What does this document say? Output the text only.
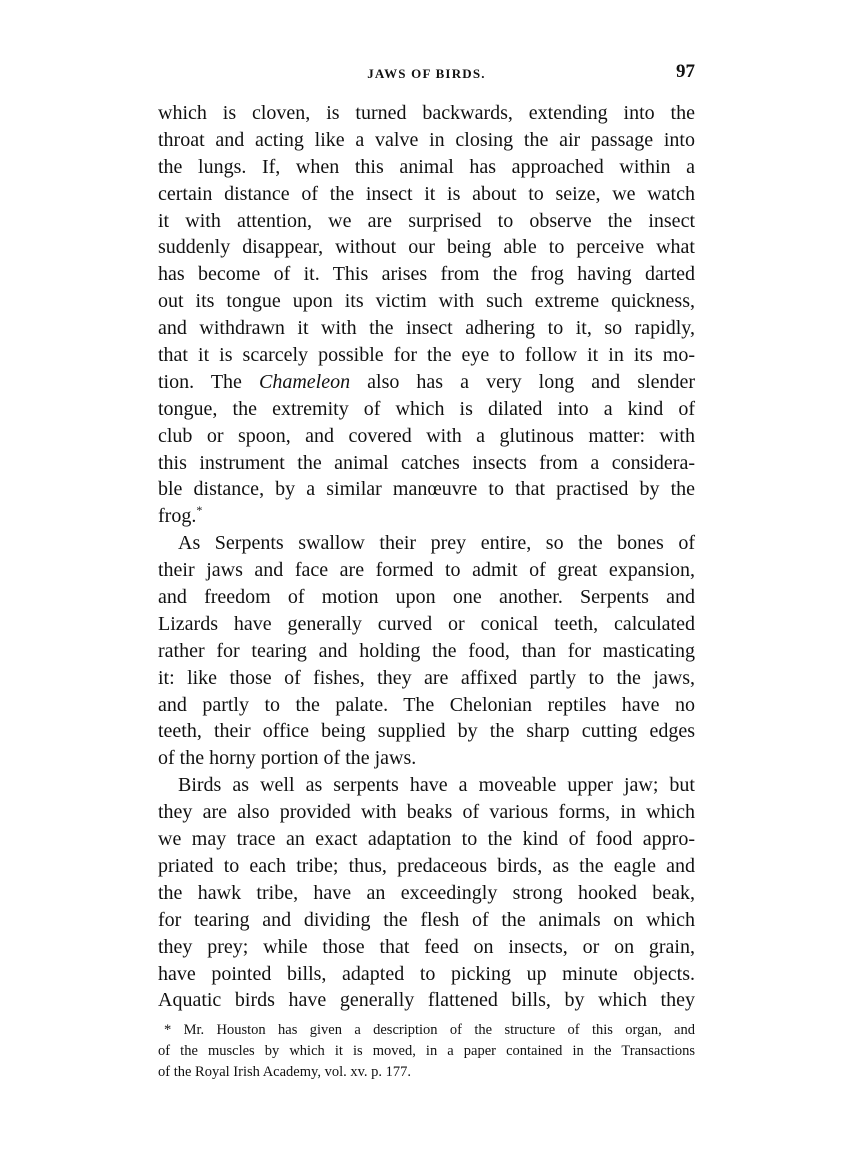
JAWS OF BIRDS.	97
which is cloven, is turned backwards, extending into the
throat and acting like a valve in closing the air passage into
the lungs. If, when this animal has approached within a
certain distance of the insect it is about to seize, we watch
it with attention, we are surprised to observe the insect
suddenly disappear, without our being able to perceive what
has become of it. This arises from the frog having darted
out its tongue upon its victim with such extreme quickness,
and withdrawn it with the insect adhering to it, so rapidly,
that it is scarcely possible for the eye to follow it in its mo-
tion. The Chameleon also has a very long and slender
tongue, the extremity of which is dilated into a kind of
club or spoon, and covered with a glutinous matter: with
this instrument the animal catches insects from a considera-
ble distance, by a similar manœuvre to that practised by the
frog.*
As Serpents swallow their prey entire, so the bones of
their jaws and face are formed to admit of great expansion,
and freedom of motion upon one another. Serpents and
Lizards have generally curved or conical teeth, calculated
rather for tearing and holding the food, than for masticating
it: like those of fishes, they are affixed partly to the jaws,
and partly to the palate. The Chelonian reptiles have no
teeth, their office being supplied by the sharp cutting edges
of the horny portion of the jaws.
Birds as well as serpents have a moveable upper jaw; but
they are also provided with beaks of various forms, in which
we may trace an exact adaptation to the kind of food appro-
priated to each tribe; thus, predaceous birds, as the eagle and
the hawk tribe, have an exceedingly strong hooked beak,
for tearing and dividing the flesh of the animals on which
they prey; while those that feed on insects, or on grain,
have pointed bills, adapted to picking up minute objects.
Aquatic birds have generally flattened bills, by which they
* Mr. Houston has given a description of the structure of this organ, and
of the muscles by which it is moved, in a paper contained in the Transactions
of the Royal Irish Academy, vol. xv. p. 177.
